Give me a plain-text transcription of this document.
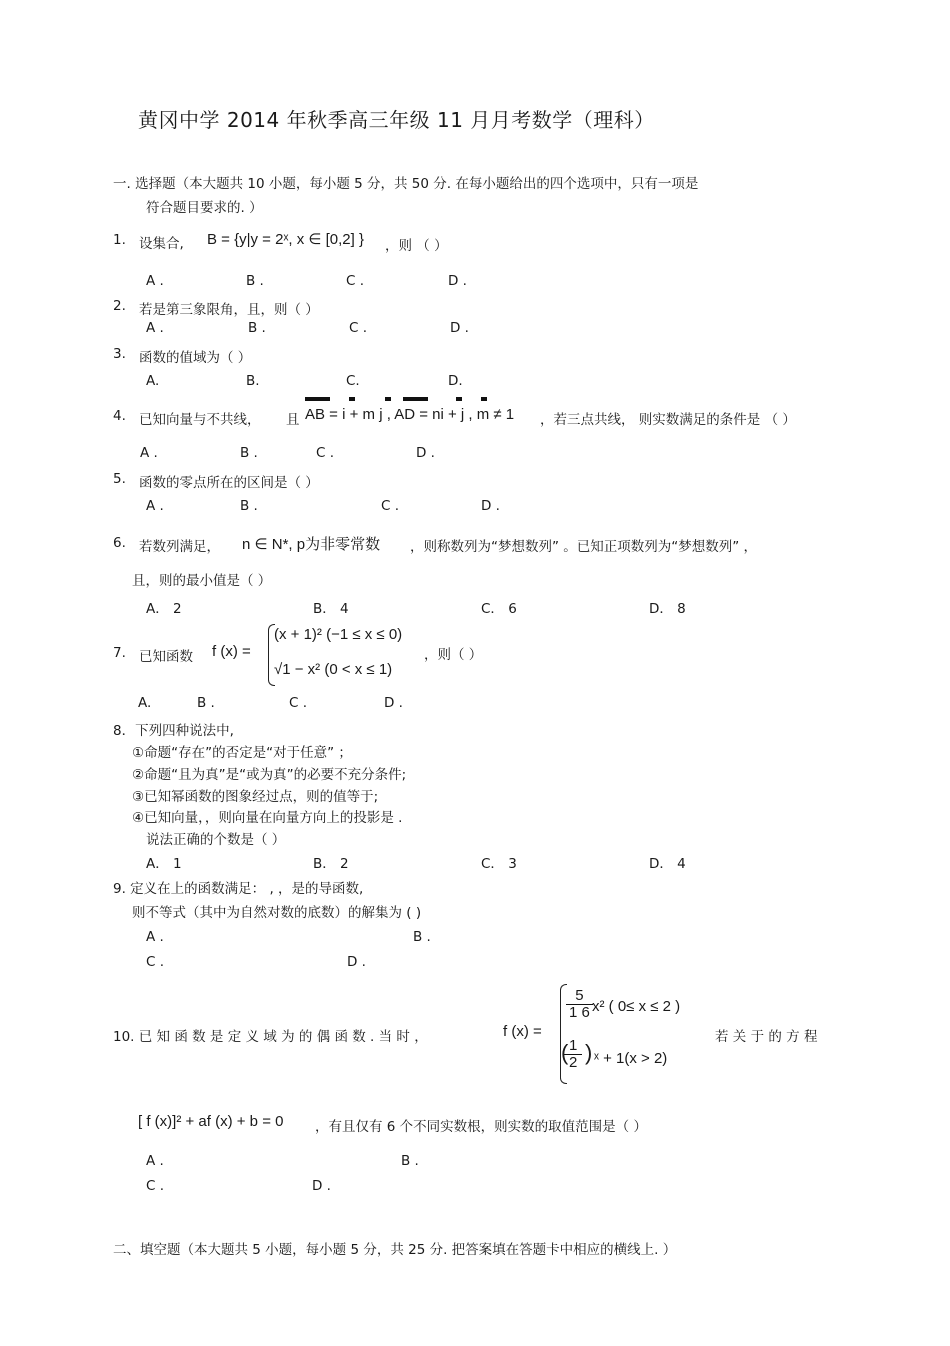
黄冈中学 2014 年秋季高三年级 11 月月考数学（理科）
一. 选择题（本大题共 10 小题，每小题 5 分，共 50 分. 在每小题给出的四个选项中，只有一项是
符合题目要求的. ）
1. 设集合, B = {y|y = 2ˣ, x ∈ [0,2] } ，则 （ ）
A .	B .	C .	D .
2. 若是第三象限角，且，则（ ）
A .	B .	C .	D .
3. 函数的值域为（ ）
A.	B.	C.	D.
4. 已知向量与不共线， 且 AB = i + m j , AD = ni + j , m ≠ 1 ，若三点共线， 则实数满足的条件是 （ ）
A .	B .	C .	D .
5. 函数的零点所在的区间是（ ）
A .	B .	C .	D .
6. 若数列满足， n ∈ N*, p为非零常数 ，则称数列为“梦想数列” 。已知正项数列为“梦想数列” ，
且，则的最小值是（ ）
A． 2	B． 4	C． 6	D． 8
7. 已知函数 f (x) =
(x + 1)² (−1 ≤ x ≤ 0)
√1 − x² (0 < x ≤ 1)
，则（ ）
A.	B .	C .	D .
8．下列四种说法中,
①命题“存在”的否定是“对于任意” ；
②命题“且为真”是“或为真”的必要不充分条件;
③已知幂函数的图象经过点，则的值等于;
④已知向量，，则向量在向量方向上的投影是 .
说法正确的个数是（ ）
A． 1	B． 2	C． 3	D． 4
9. 定义在上的函数满足： , ，是的导函数,
则不等式（其中为自然对数的底数）的解集为 ( )
A .	B .
C .	D .
10. 已 知 函 数 是 定 义 域 为 的 偶 函 数 . 当 时 ，	f (x) =
$\frac{5}{1 6} x^2$ ( 0≤ x ≤ 2 )
$\frac{1}{2}$
( ) ˣ + 1(x > 2)
若 关 于 的 方 程
[ f (x)]² + af (x) + b = 0 ，有且仅有 6 个不同实数根，则实数的取值范围是（ ）
A .	B .
C .	D .
二、填空题（本大题共 5 小题，每小题 5 分，共 25 分. 把答案填在答题卡中相应的横线上. ）
